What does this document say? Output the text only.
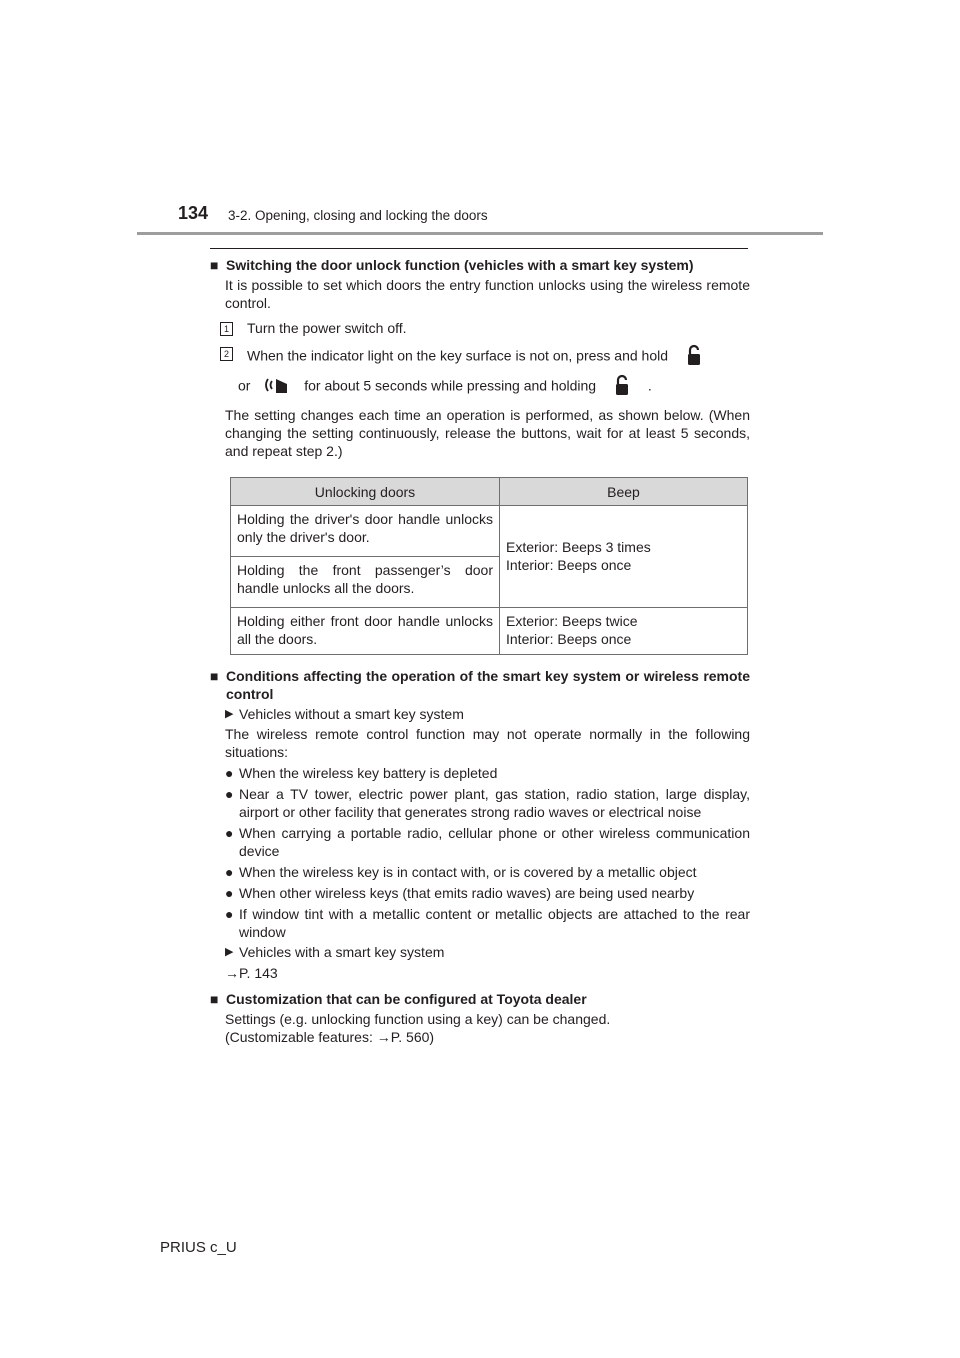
134 3-2. Opening, closing and locking the doors
■ Switching the door unlock function (vehicles with a smart key system)
It is possible to set which doors the entry function unlocks using the wireless remote control.
1 Turn the power switch off.
2 When the indicator light on the key surface is not on, press and hold
or	for about 5 seconds while pressing and holding	.
The setting changes each time an operation is performed, as shown below. (When changing the setting continuously, release the buttons, wait for at least 5 seconds, and repeat step 2.)
Unlocking doors	Beep
Holding the driver's door handle unlocks only the driver's door.	Exterior: Beeps 3 times
Interior: Beeps once

Holding the front passenger’s door handle unlocks all the doors.	
Holding either front door handle unlocks all the doors.	Exterior: Beeps twice
Interior: Beeps once
■ Conditions affecting the operation of the smart key system or wireless remote control
▶ Vehicles without a smart key system
The wireless remote control function may not operate normally in the following situations:
● When the wireless key battery is depleted
● Near a TV tower, electric power plant, gas station, radio station, large display, airport or other facility that generates strong radio waves or electrical noise
● When carrying a portable radio, cellular phone or other wireless communication device
● When the wireless key is in contact with, or is covered by a metallic object
● When other wireless keys (that emits radio waves) are being used nearby
● If window tint with a metallic content or metallic objects are attached to the rear window
▶ Vehicles with a smart key system
→P. 143
■ Customization that can be configured at Toyota dealer
Settings (e.g. unlocking function using a key) can be changed.
(Customizable features: →P. 560)
PRIUS c_U
